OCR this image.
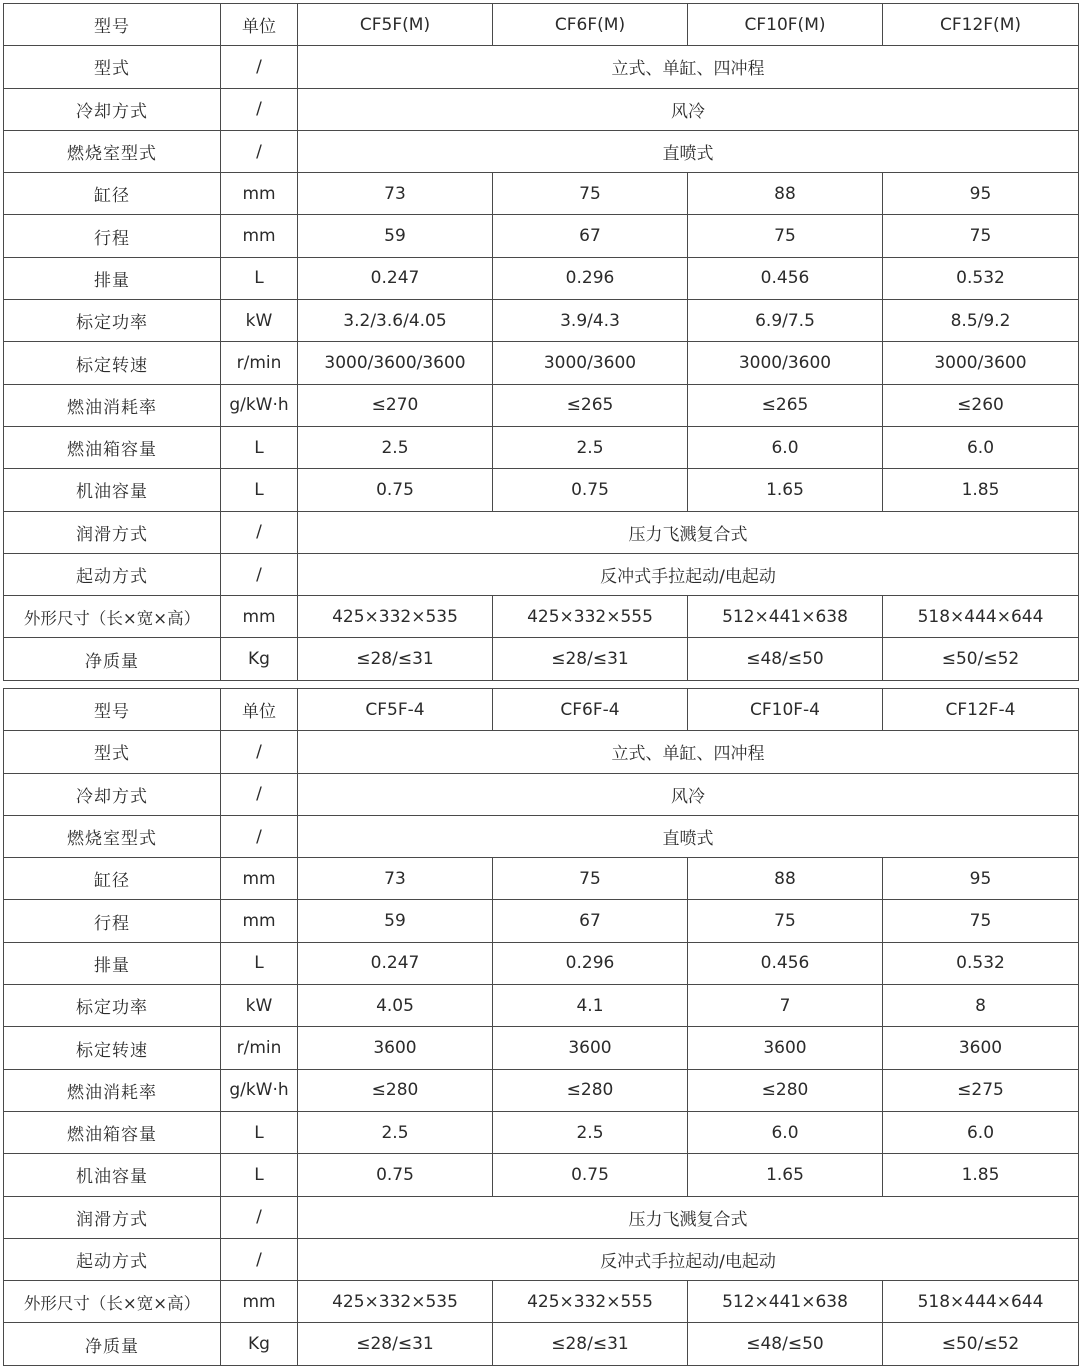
型号	单位	CF5F(M)	CF6F(M)	CF10F(M)	CF12F(M)
型式	/	立式、单缸、四冲程			
冷却方式	/	风冷			
燃烧室型式	/	直喷式			
缸径	mm	73	75	88	95
行程	mm	59	67	75	75
排量	L	0.247	0.296	0.456	0.532
标定功率	kW	3.2/3.6/4.05	3.9/4.3	6.9/7.5	8.5/9.2
标定转速	r/min	3000/3600/3600	3000/3600	3000/3600	3000/3600
燃油消耗率	g/kW·h	≤270	≤265	≤265	≤260
燃油箱容量	L	2.5	2.5	6.0	6.0
机油容量	L	0.75	0.75	1.65	1.85
润滑方式	/	压力飞溅复合式			
起动方式	/	反冲式手拉起动/电起动			
外形尺寸（长×宽×高）	mm	425×332×535	425×332×555	512×441×638	518×444×644
净质量	Kg	≤28/≤31	≤28/≤31	≤48/≤50	≤50/≤52
型号	单位	CF5F-4	CF6F-4	CF10F-4	CF12F-4
型式	/	立式、单缸、四冲程			
冷却方式	/	风冷			
燃烧室型式	/	直喷式			
缸径	mm	73	75	88	95
行程	mm	59	67	75	75
排量	L	0.247	0.296	0.456	0.532
标定功率	kW	4.05	4.1	7	8
标定转速	r/min	3600	3600	3600	3600
燃油消耗率	g/kW·h	≤280	≤280	≤280	≤275
燃油箱容量	L	2.5	2.5	6.0	6.0
机油容量	L	0.75	0.75	1.65	1.85
润滑方式	/	压力飞溅复合式			
起动方式	/	反冲式手拉起动/电起动			
外形尺寸（长×宽×高）	mm	425×332×535	425×332×555	512×441×638	518×444×644
净质量	Kg	≤28/≤31	≤28/≤31	≤48/≤50	≤50/≤52
